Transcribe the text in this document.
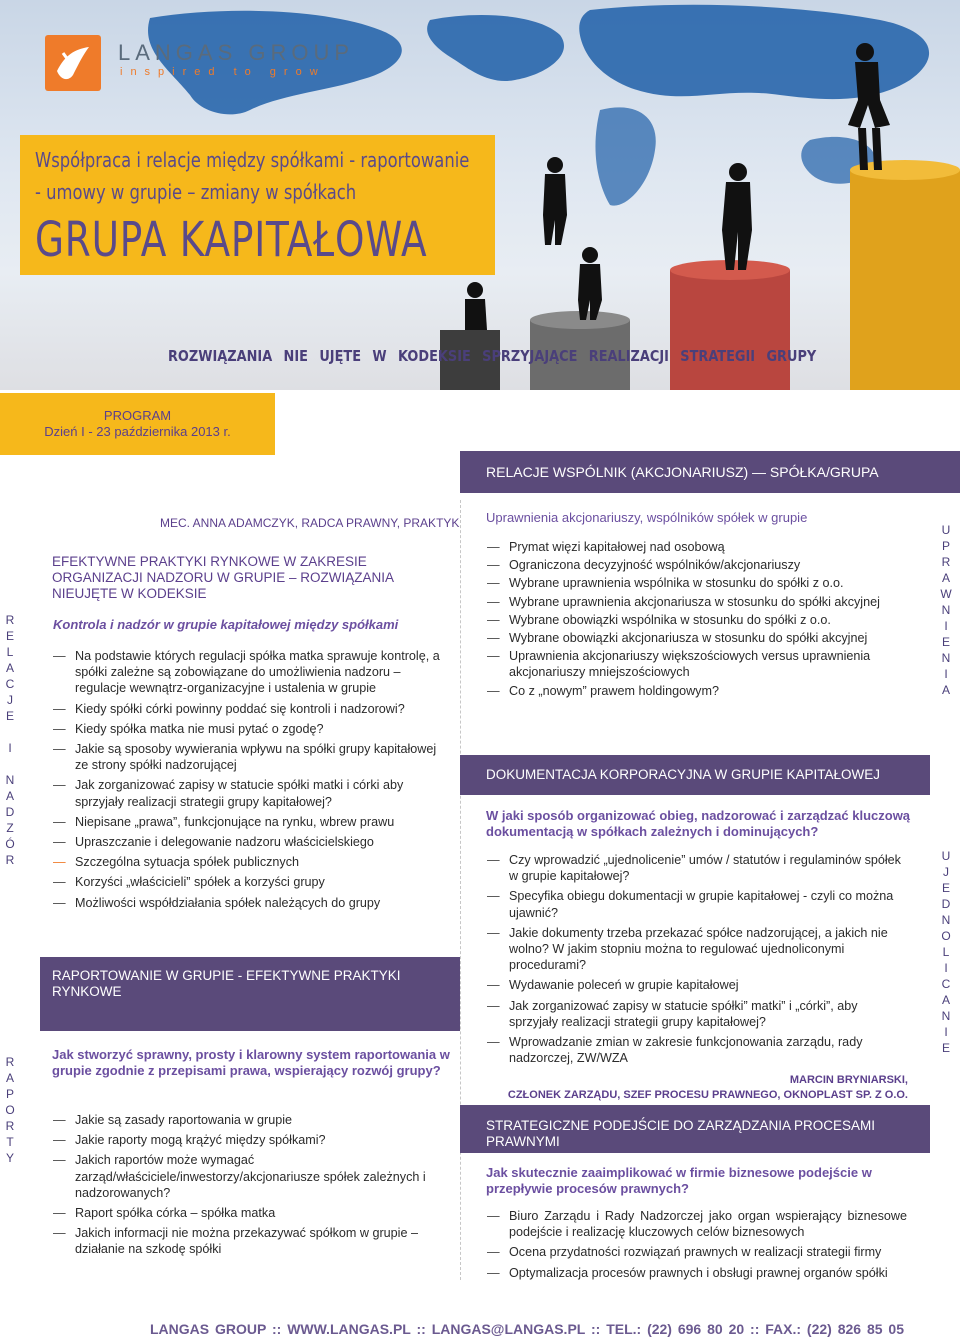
LANGAS GROUP
inspired to grow
Współpraca i relacje między spółkami - raportowanie
- umowy w grupie – zmiany w spółkach
GRUPA KAPITAŁOWA
ROZWIĄZANIA NIE UJĘTE W KODEKSIE SPRZYJAJĄCE REALIZACJI STRATEGII GRUPY
PROGRAM
Dzień I - 23 października 2013 r.
RELACJE WSPÓLNIK (AKCJONARIUSZ) — SPÓŁKA/GRUPA
R
E
L
A
C
J
E

I

N
A
D
Z
Ó
R
R
A
P
O
R
T
Y
U
P
R
A
W
N
I
E
N
I
A
U
J
E
D
N
O
L
I
C
A
N
I
E
MEC. ANNA ADAMCZYK, RADCA PRAWNY, PRAKTYK
EFEKTYWNE PRAKTYKI RYNKOWE W ZAKRESIE ORGANIZACJI NADZORU W GRUPIE – ROZWIĄZANIA NIEUJĘTE W KODEKSIE
Kontrola i nadzór w grupie kapitałowej między spółkami
— Na podstawie których regulacji spółka matka sprawuje kontrolę, a spółki zależne są zobowiązane do umożliwienia nadzoru – regulacje wewnątrz-organizacyjne i ustalenia w grupie
— Kiedy spółki córki powinny poddać się kontroli i nadzorowi?
— Kiedy spółka matka nie musi pytać o zgodę?
— Jakie są sposoby wywierania wpływu na spółki grupy kapitałowej ze strony spółki nadzorującej
— Jak zorganizować zapisy w statucie spółki matki i córki aby sprzyjały realizacji strategii grupy kapitałowej?
— Niepisane „prawa”, funkcjonujące na rynku, wbrew prawu
— Upraszczanie i delegowanie nadzoru właścicielskiego
— Szczególna sytuacja spółek publicznych
— Korzyści „właścicieli” spółek a korzyści grupy
— Możliwości współdziałania spółek należących do grupy
RAPORTOWANIE W GRUPIE - EFEKTYWNE PRAKTYKI RYNKOWE
Jak stworzyć sprawny, prosty i klarowny system raportowania w grupie zgodnie z przepisami prawa, wspierający rozwój grupy?
— Jakie są zasady raportowania w grupie
— Jakie raporty mogą krążyć między spółkami?
— Jakich raportów może wymagać zarząd/właściciele/inwestorzy/akcjonariusze spółek zależnych i nadzorowanych?
— Raport spółka córka – spółka matka
— Jakich informacji nie można przekazywać spółkom w grupie – działanie na szkodę spółki
Uprawnienia akcjonariuszy, wspólników spółek w grupie
— Prymat więzi kapitałowej nad osobową
— Ograniczona decyzyjność wspólników/akcjonariuszy
— Wybrane uprawnienia wspólnika w stosunku do spółki z o.o.
— Wybrane uprawnienia akcjonariusza w stosunku do spółki akcyjnej
— Wybrane obowiązki wspólnika w stosunku do spółki z o.o.
— Wybrane obowiązki akcjonariusza w stosunku do spółki akcyjnej
— Uprawnienia akcjonariuszy większościowych versus uprawnienia akcjonariuszy mniejszościowych
— Co z „nowym” prawem holdingowym?
DOKUMENTACJA KORPORACYJNA W GRUPIE KAPITAŁOWEJ
W jaki sposób organizować obieg, nadzorować i zarządzać kluczową dokumentacją w spółkach zależnych i dominujących?
— Czy wprowadzić „ujednolicenie” umów / statutów i regulaminów spółek w grupie kapitałowej?
— Specyfika obiegu dokumentacji w grupie kapitałowej - czyli co można ujawnić?
— Jakie dokumenty trzeba przekazać spółce nadzorującej, a jakich nie wolno? W jakim stopniu można to regulować ujednoliconymi procedurami?
— Wydawanie poleceń w grupie kapitałowej
— Jak zorganizować zapisy w statucie spółki” matki” i „córki”, aby sprzyjały realizacji strategii grupy kapitałowej?
— Wprowadzanie zmian w zakresie funkcjonowania zarządu, rady nadzorczej, ZW/WZA
MARCIN BRYNIARSKI,
CZŁONEK ZARZĄDU, SZEF PROCESU PRAWNEGO, OKNOPLAST SP. Z O.O.
STRATEGICZNE PODEJŚCIE DO ZARZĄDZANIA PROCESAMI PRAWNYMI
Jak skutecznie zaaimplikować w firmie biznesowe podejście w przepływie procesów prawnych?
— Biuro Zarządu i Rady Nadzorczej jako organ wspierający biznesowe podejście i realizację kluczowych celów biznesowych
— Ocena przydatności rozwiązań prawnych w realizacji strategii firmy
— Optymalizacja procesów prawnych i obsługi prawnej organów spółki
LANGAS GROUP :: WWW.LANGAS.PL :: LANGAS@LANGAS.PL :: TEL.: (22) 696 80 20 :: FAX.: (22) 826 85 05
